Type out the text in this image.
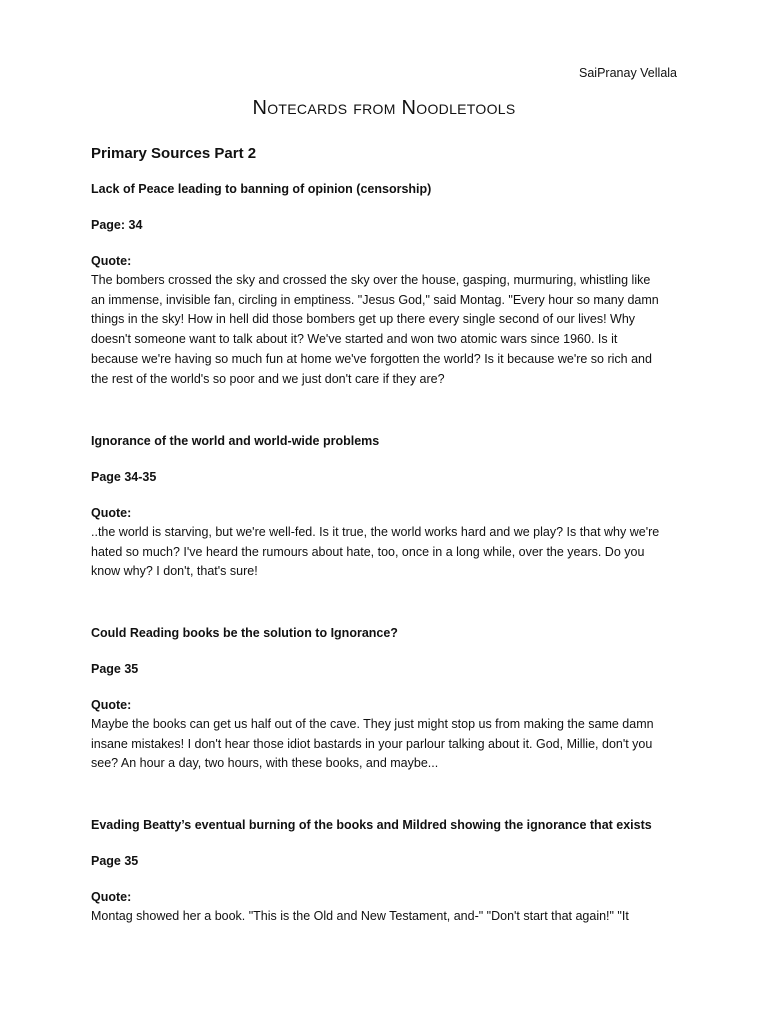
SaiPranay Vellala
Notecards from Noodletools
Primary Sources Part 2

Lack of Peace leading to banning of opinion (censorship)

Page: 34

Quote:

The bombers crossed the sky and crossed the sky over the house, gasping, murmuring, whistling like an immense, invisible fan, circling in emptiness. "Jesus God," said Montag. "Every hour so many damn things in the sky! How in hell did those bombers get up there every single second of our lives! Why doesn't someone want to talk about it? We've started and won two atomic wars since 1960. Is it because we're having so much fun at home we've forgotten the world? Is it because we're so rich and the rest of the world's so poor and we just don't care if they are?

Ignorance of the world and world-wide problems

Page 34-35

Quote:

..the world is starving, but we're well-fed. Is it true, the world works hard and we play? Is that why we're hated so much? I've heard the rumours about hate, too, once in a long while, over the years. Do you know why? I don't, that's sure!

Could Reading books be the solution to Ignorance?

Page 35

Quote:

Maybe the books can get us half out of the cave. They just might stop us from making the same damn insane mistakes! I don't hear those idiot bastards in your parlour talking about it. God, Millie, don't you see? An hour a day, two hours, with these books, and maybe...

Evading Beatty’s eventual burning of the books and Mildred showing the ignorance that exists

Page 35

Quote:

Montag showed her a book. "This is the Old and New Testament, and-" "Don't start that again!" "It
